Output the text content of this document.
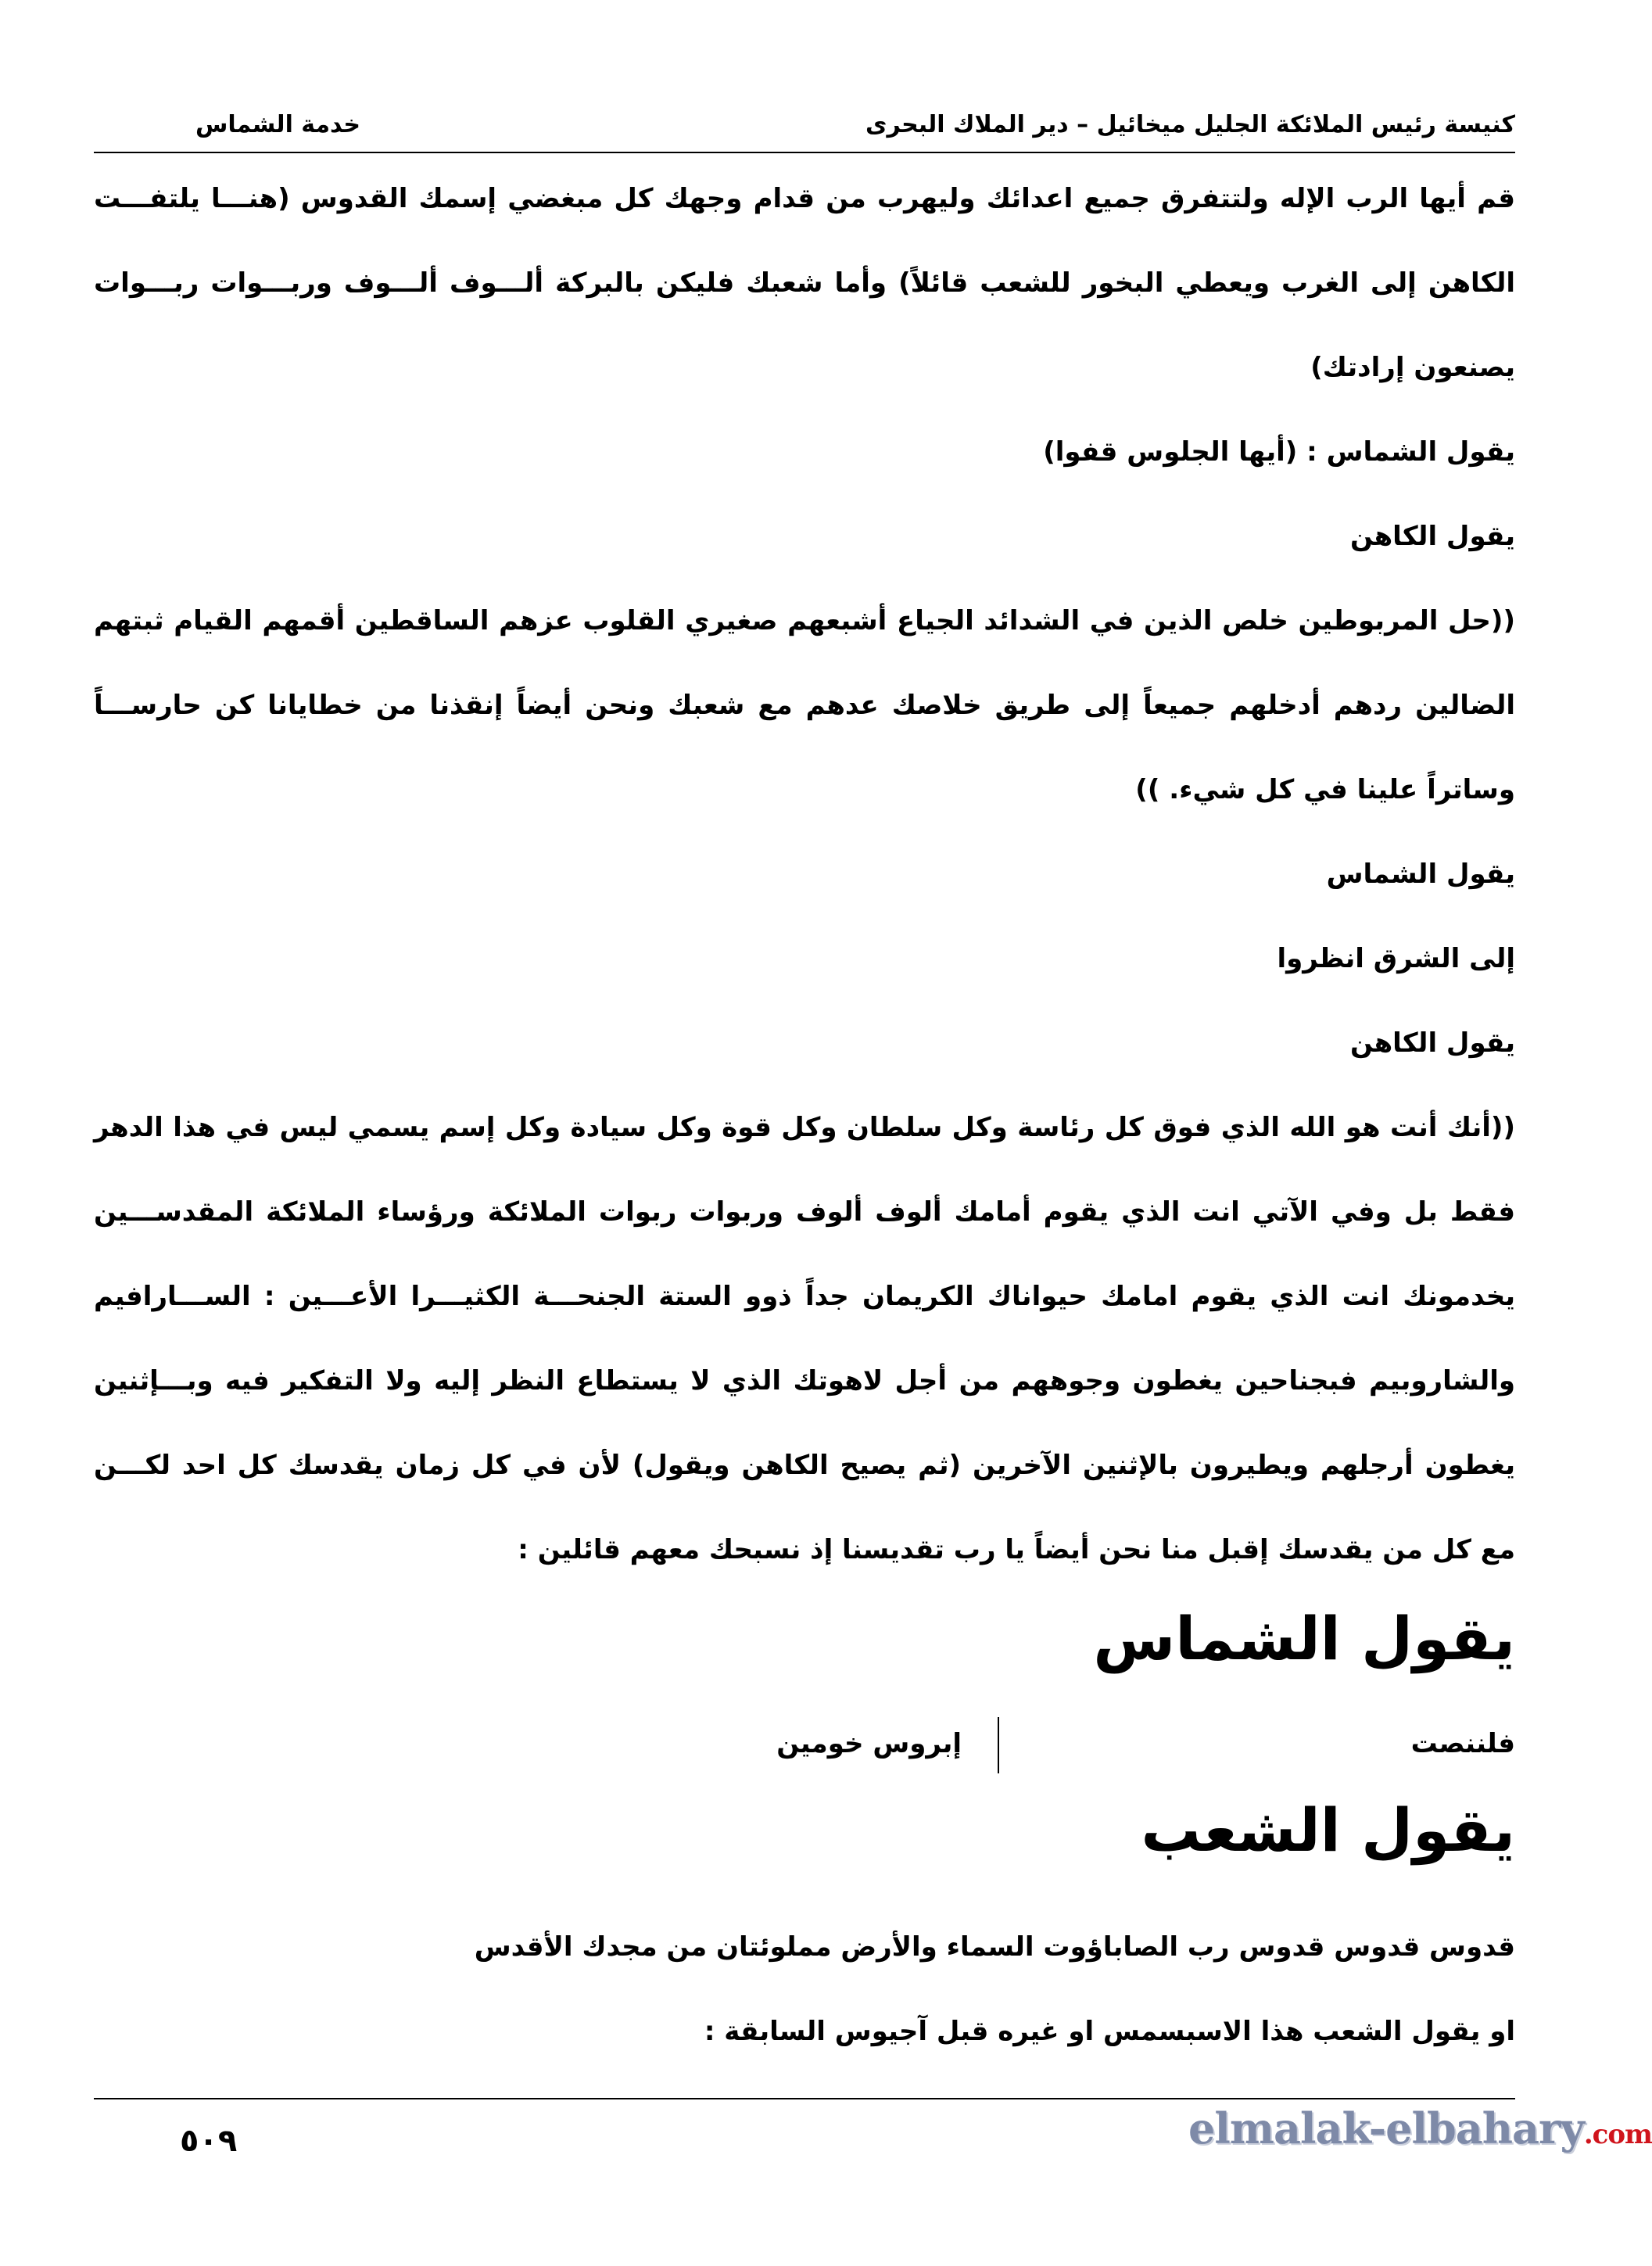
كنيسة رئيس الملائكة الجليل ميخائيل – دير الملاك البحرى
خدمة الشماس

قم أيها الرب الإله ولتتفرق جميع اعدائك وليهرب من قدام وجهك كل مبغضي إسمك القدوس (هنـــا يلتفـــت الكاهن إلى الغرب ويعطي البخور للشعب قائلاً) وأما شعبك فليكن بالبركة ألـــوف ألـــوف وربـــوات ربـــوات يصنعون إرادتك)

يقول الشماس : (أيها الجلوس قفوا)

يقول الكاهن

((حل المربوطين خلص الذين في الشدائد الجياع أشبعهم صغيري القلوب عزهم الساقطين أقمهم القيام ثبتهم الضالين ردهم أدخلهم جميعاً إلى طريق خلاصك عدهم مع شعبك ونحن أيضاً إنقذنا من خطايانا كن حارســـاً وساتراً علينا في كل شيء. ))

يقول الشماس

إلى الشرق انظروا

يقول الكاهن

((أنك أنت هو الله الذي فوق كل رئاسة وكل سلطان وكل قوة وكل سيادة وكل إسم يسمي ليس في هذا الدهر فقط بل وفي الآتي انت الذي يقوم أمامك ألوف ألوف وربوات ربوات الملائكة ورؤساء الملائكة المقدســـين يخدمونك انت الذي يقوم امامك حيواناك الكريمان جداً ذوو الستة الجنحـــة الكثيـــرا الأعـــين : الســـارافيم والشاروبيم فبجناحين يغطون وجوههم من أجل لاهوتك الذي لا يستطاع النظر إليه ولا التفكير فيه وبـــإثنين يغطون أرجلهم ويطيرون بالإثنين الآخرين (ثم يصيح الكاهن ويقول) لأن في كل زمان يقدسك كل احد لكـــن مع كل من يقدسك إقبل منا نحن أيضاً يا رب تقديسنا إذ نسبحك معهم قائلين :

يقول الشماس

فلننصت
إبروس خومين

يقول الشعب

قدوس قدوس قدوس رب الصاباؤوت السماء والأرض مملوئتان من مجدك الأقدس

او يقول الشعب هذا الاسبسمس او غيره قبل آجيوس السابقة :

٥٠٩	elmalak-elbahary.com
